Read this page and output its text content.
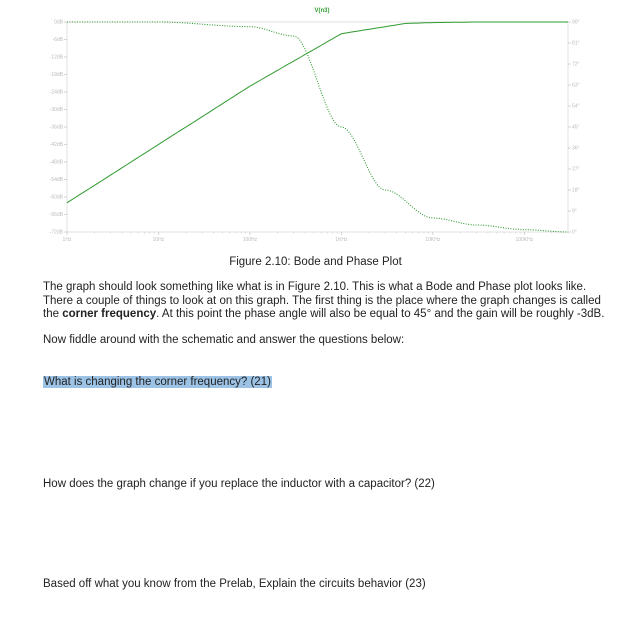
V(n3)
0dB
-6dB
-12dB
-18dB
-24dB
-30dB
-36dB
-42dB
-48dB
-54dB
-60dB
-66dB
-72dB
90°
81°
72°
63°
54°
45°
36°
27°
18°
9°
0°
1Hz	10Hz	100Hz	1KHz	10KHz	100KHz
Figure 2.10: Bode and Phase Plot
The graph should look something like what is in Figure 2.10. This is what a Bode and Phase plot looks like. There a couple of things to look at on this graph. The first thing is the place where the graph changes is called the corner frequency. At this point the phase angle will also be equal to 45° and the gain will be roughly -3dB.
Now fiddle around with the schematic and answer the questions below:
What is changing the corner frequency? (21)
How does the graph change if you replace the inductor with a capacitor? (22)
Based off what you know from the Prelab, Explain the circuits behavior (23)
